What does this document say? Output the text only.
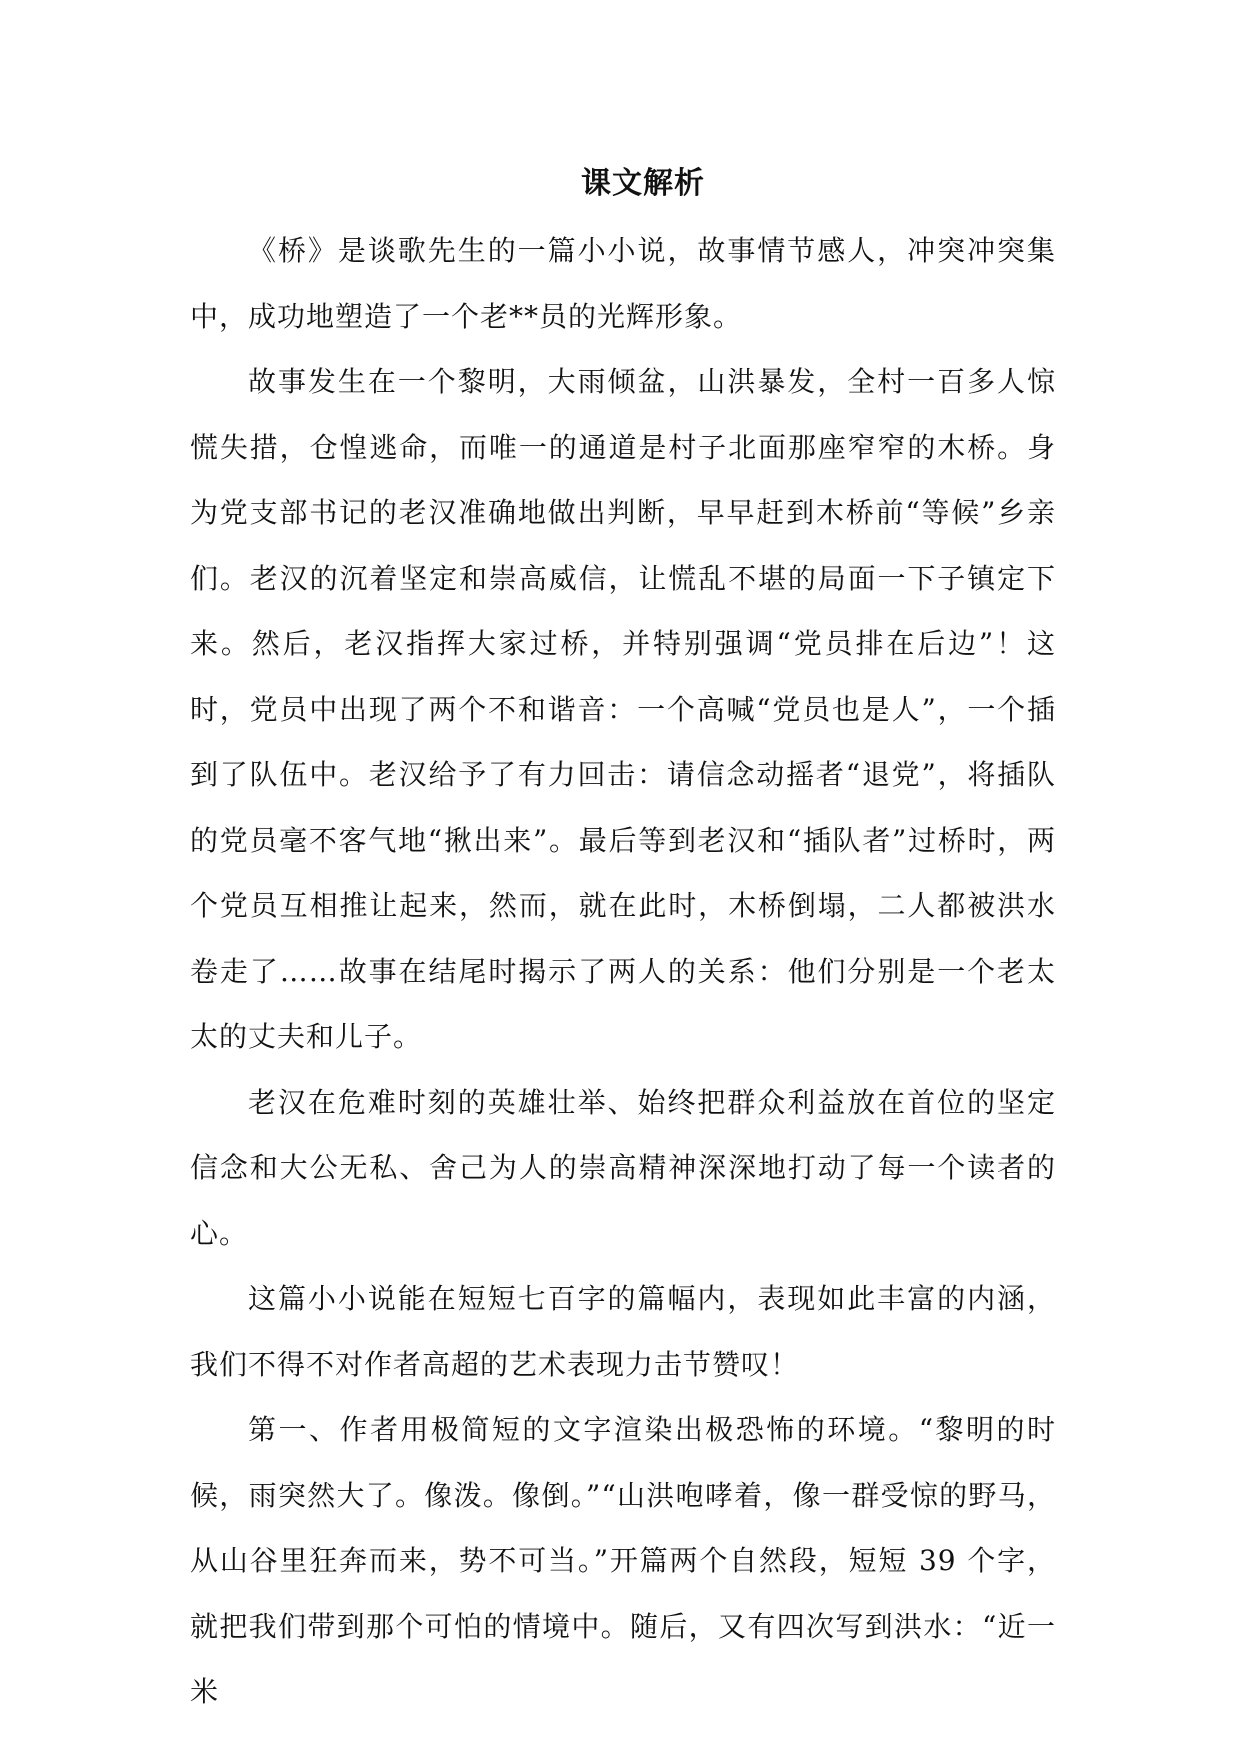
课文解析

《桥》是谈歌先生的一篇小小说，故事情节感人，冲突冲突集中，成功地塑造了一个老**员的光辉形象。

故事发生在一个黎明，大雨倾盆，山洪暴发，全村一百多人惊慌失措，仓惶逃命，而唯一的通道是村子北面那座窄窄的木桥。身为党支部书记的老汉准确地做出判断，早早赶到木桥前“等候”乡亲们。老汉的沉着坚定和崇高威信，让慌乱不堪的局面一下子镇定下来。然后，老汉指挥大家过桥，并特别强调“党员排在后边”！这时，党员中出现了两个不和谐音：一个高喊“党员也是人”，一个插到了队伍中。老汉给予了有力回击：请信念动摇者“退党”，将插队的党员毫不客气地“揪出来”。最后等到老汉和“插队者”过桥时，两个党员互相推让起来，然而，就在此时，木桥倒塌，二人都被洪水卷走了……故事在结尾时揭示了两人的关系：他们分别是一个老太太的丈夫和儿子。

老汉在危难时刻的英雄壮举、始终把群众利益放在首位的坚定信念和大公无私、舍己为人的崇高精神深深地打动了每一个读者的心。

这篇小小说能在短短七百字的篇幅内，表现如此丰富的内涵，我们不得不对作者高超的艺术表现力击节赞叹！

第一、作者用极简短的文字渲染出极恐怖的环境。“黎明的时候，雨突然大了。像泼。像倒。”“山洪咆哮着，像一群受惊的野马，从山谷里狂奔而来，势不可当。”开篇两个自然段，短短 39 个字，就把我们带到那个可怕的情境中。随后，又有四次写到洪水：“近一米
